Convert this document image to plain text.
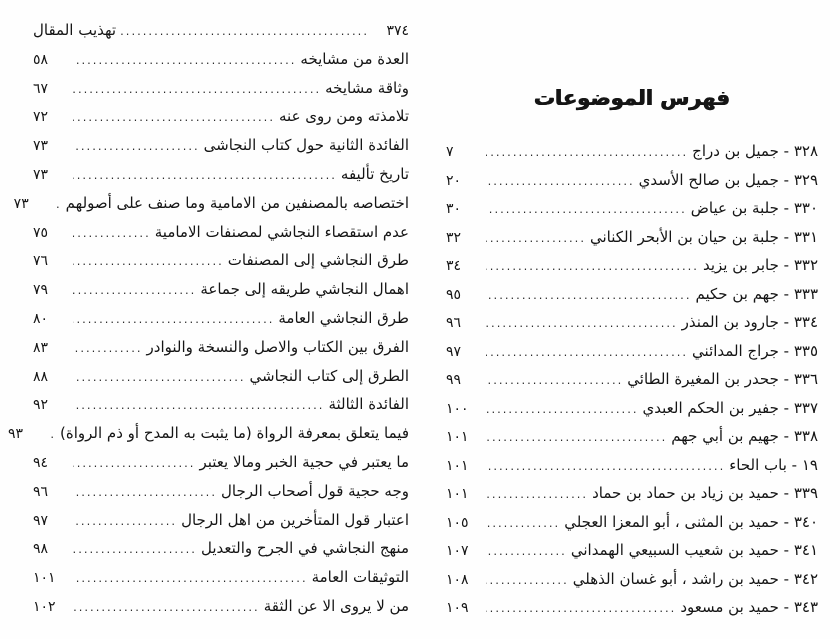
٣٧٤
.....
تهذيب المقال
العدة من مشايخه
.....
٥٨
وثاقة مشايخه
.....
٦٧
تلامذته ومن روى عنه
.....
٧٢
الفائدة الثانية حول كتاب النجاشى
.....
٧٣
تاريخ تأليفه
.....
٧٣
اختصاصه بالمصنفين من الامامية وما صنف على أصولهم
.....
٧٣
عدم استقصاء النجاشي لمصنفات الامامية
.....
٧٥
طرق النجاشي إلى المصنفات
.....
٧٦
اهمال النجاشي طريقه إلى جماعة
.....
٧٩
طرق النجاشي العامة
.....
٨٠
الفرق بين الكتاب والاصل والنسخة والنوادر
.....
٨٣
الطرق إلى كتاب النجاشي
.....
٨٨
الفائدة الثالثة
.....
٩٢
فيما يتعلق بمعرفة الرواة (ما يثبت به المدح أو ذم الرواة)
.....
٩٣
ما يعتبر في حجية الخبر ومالا يعتبر
.....
٩٤
وجه حجية قول أصحاب الرجال
.....
٩٦
اعتبار قول المتأخرين من اهل الرجال
.....
٩٧
منهج النجاشي في الجرح والتعديل
.....
٩٨
التوثيقات العامة
.....
١٠١
من لا يروى الا عن الثقة
.....
١٠٢
فهرس الموضوعات
٣٢٨ - جميل بن دراج
.....
٧
٣٢٩ - جميل بن صالح الأسدي
.....
٢٠
٣٣٠ - جلبة بن عياض
.....
٣٠
٣٣١ - جلبة بن حيان بن الأبحر الكناني
.....
٣٢
٣٣٢ - جابر بن يزيد
.....
٣٤
٣٣٣ - جهم بن حكيم
.....
٩٥
٣٣٤ - جارود بن المنذر
.....
٩٦
٣٣٥ - جراج المدائني
.....
٩٧
٣٣٦ - جحدر بن المغيرة الطائي
.....
٩٩
٣٣٧ - جفير بن الحكم العبدي
.....
١٠٠
٣٣٨ - جهيم بن أبي جهم
.....
١٠١
١٩ - باب الحاء
.....
١٠١
٣٣٩ - حميد بن زياد بن حماد بن حماد
.....
١٠١
٣٤٠ - حميد بن المثنى ، أبو المعزا العجلي
.....
١٠٥
٣٤١ - حميد بن شعيب السبيعي الهمداني
.....
١٠٧
٣٤٢ - حميد بن راشد ، أبو غسان الذهلي
.....
١٠٨
٣٤٣ - حميد بن مسعود
.....
١٠٩
